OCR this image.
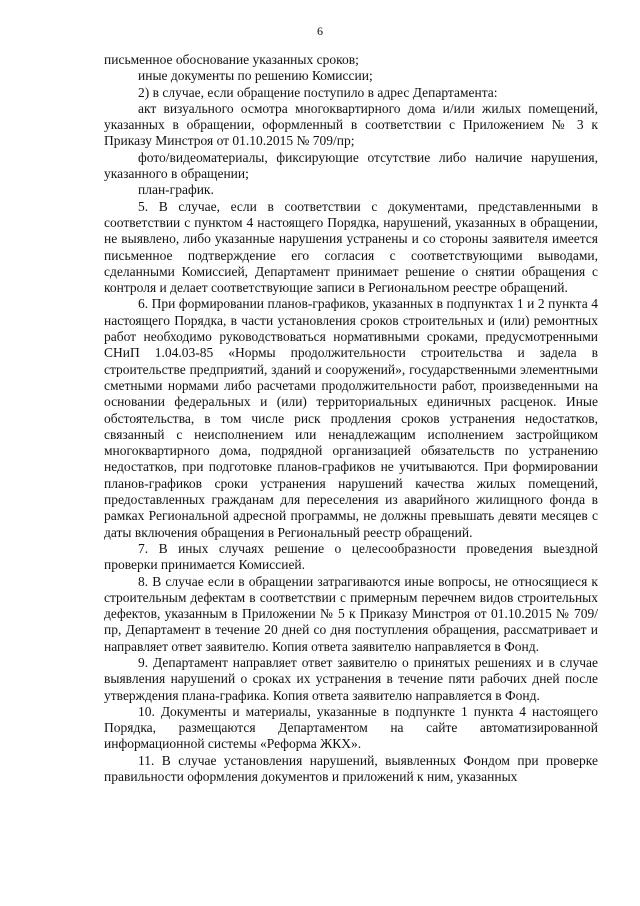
6

письменное обоснование указанных сроков;

иные документы по решению Комиссии;

2) в случае, если обращение поступило в адрес Департамента:

акт визуального осмотра многоквартирного дома и/или жилых помещений, указанных в обращении, оформленный в соответствии с Приложением № 3 к Приказу Минстроя от 01.10.2015 № 709/пр;

фото/видеоматериалы, фиксирующие отсутствие либо наличие нарушения, указанного в обращении;

план-график.

5. В случае, если в соответствии с документами, представленными в соответствии с пунктом 4 настоящего Порядка, нарушений, указанных в обращении, не выявлено, либо указанные нарушения устранены и со стороны заявителя имеется письменное подтверждение его согласия с соответствующими выводами, сделанными Комиссией, Департамент принимает решение о снятии обращения с контроля и делает соответствующие записи в Региональном реестре обращений.

6. При формировании планов-графиков, указанных в подпунктах 1 и 2 пункта 4 настоящего Порядка, в части установления сроков строительных и (или) ремонтных работ необходимо руководствоваться нормативными сроками, предусмотренными СНиП 1.04.03-85 «Нормы продолжительности строительства и задела в строительстве предприятий, зданий и сооружений», государственными элементными сметными нормами либо расчетами продолжительности работ, произведенными на основании федеральных и (или) территориальных единичных расценок. Иные обстоятельства, в том числе риск продления сроков устранения недостатков, связанный с неисполнением или ненадлежащим исполнением застройщиком многоквартирного дома, подрядной организацией обязательств по устранению недостатков, при подготовке планов-графиков не учитываются. При формировании планов-графиков сроки устранения нарушений качества жилых помещений, предоставленных гражданам для переселения из аварийного жилищного фонда в рамках Региональной адресной программы, не должны превышать девяти месяцев с даты включения обращения в Региональный реестр обращений.

7. В иных случаях решение о целесообразности проведения выездной проверки принимается Комиссией.

8. В случае если в обращении затрагиваются иные вопросы, не относящиеся к строительным дефектам в соответствии с примерным перечнем видов строительных дефектов, указанным в Приложении № 5 к Приказу Минстроя от 01.10.2015 № 709/пр, Департамент в течение 20 дней со дня поступления обращения, рассматривает и направляет ответ заявителю. Копия ответа заявителю направляется в Фонд.

9. Департамент направляет ответ заявителю о принятых решениях и в случае выявления нарушений о сроках их устранения в течение пяти рабочих дней после утверждения плана-графика. Копия ответа заявителю направляется в Фонд.

10. Документы и материалы, указанные в подпункте 1 пункта 4 настоящего Порядка, размещаются Департаментом на сайте автоматизированной информационной системы «Реформа ЖКХ».

11. В случае установления нарушений, выявленных Фондом при проверке правильности оформления документов и приложений к ним, указанных
